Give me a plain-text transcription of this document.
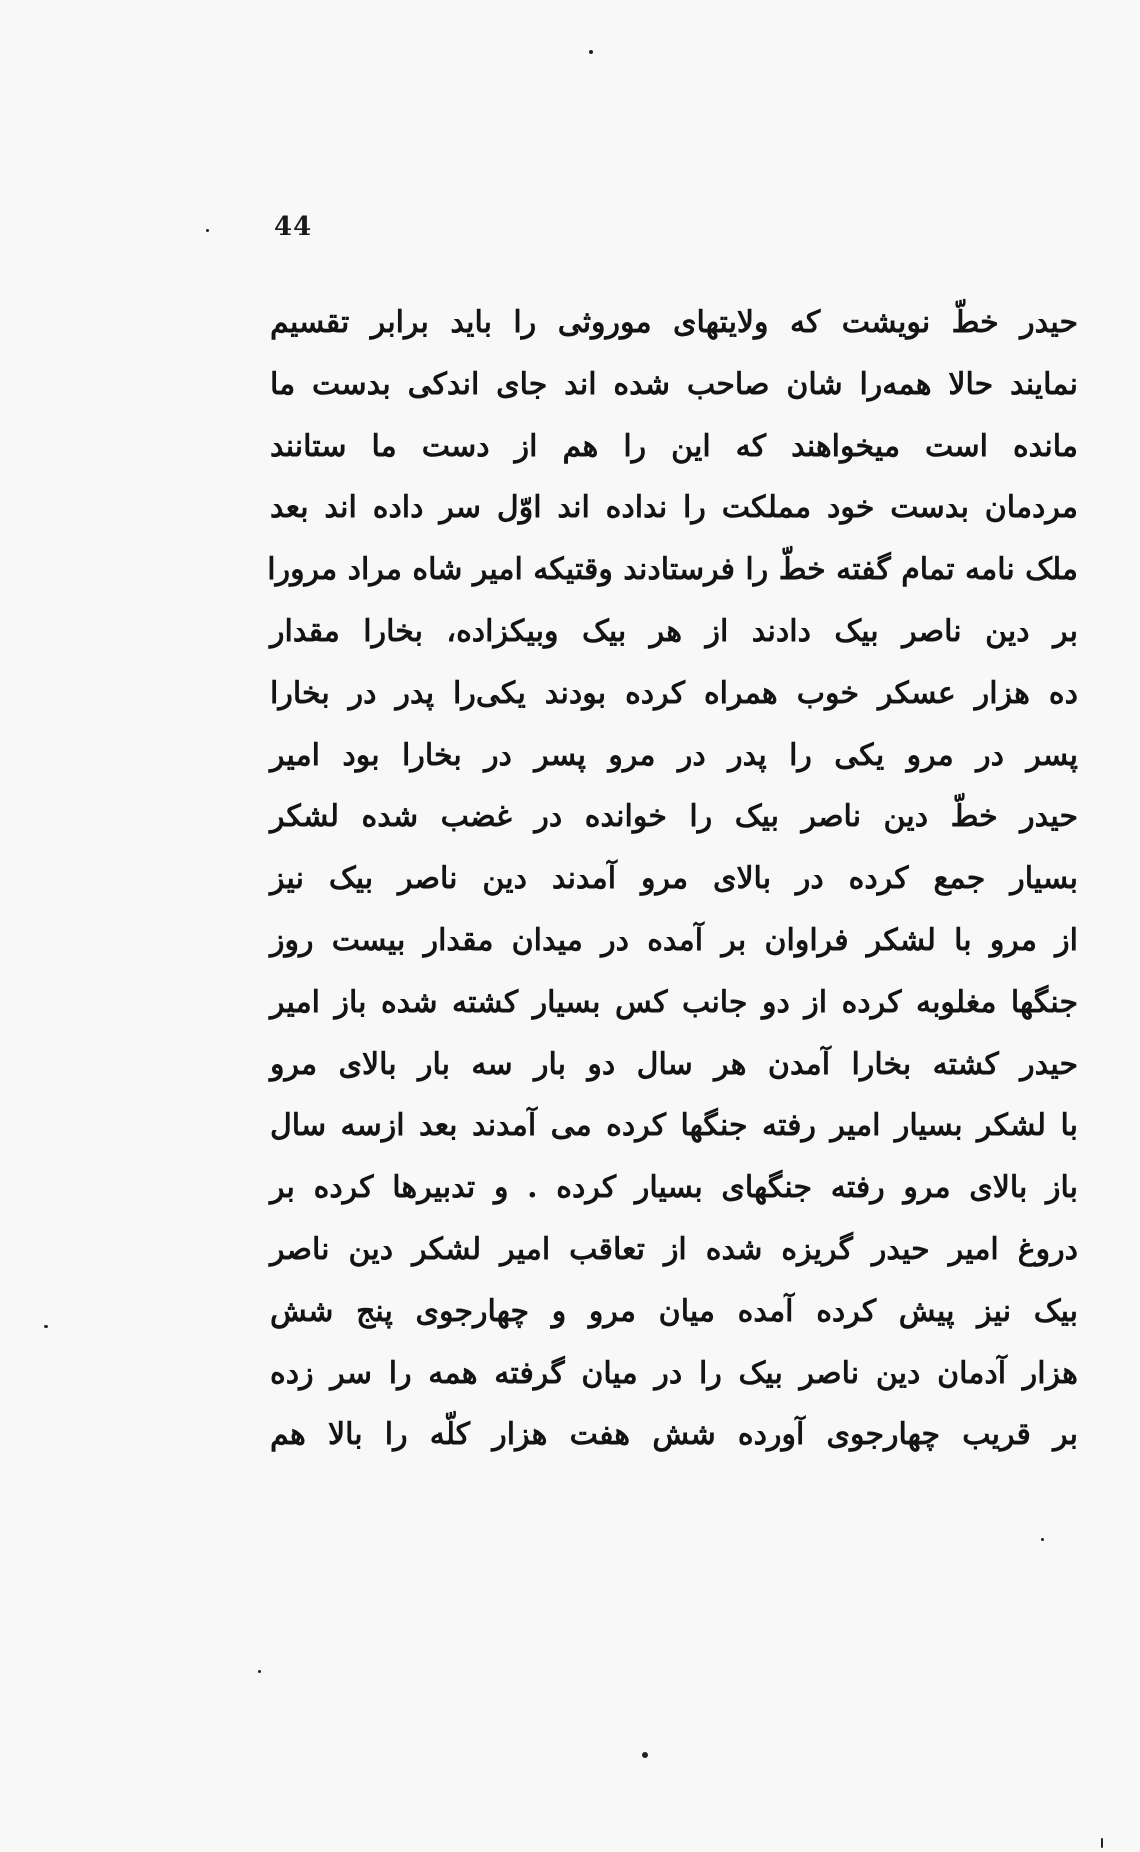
44
حیدر خطّ نویشت که ولایتهای موروثی را باید برابر تقسیم
نمایند حالا همه‌را شان صاحب شده اند جای اندکی بدست ما
مانده است میخواهند که این را هم از دست ما ستانند
مردمان بدست خود مملکت را نداده اند اوّل سر داده اند بعد
ملک نامه تمام گفته خطّ را فرستادند وقتیکه امیر شاه مراد مرورا
بر دین ناصر بیک دادند از هر بیک وبیکزاده، بخارا مقدار
ده هزار عسکر خوب همراه کرده بودند یکی‌را پدر در بخارا
پسر در مرو یکی را پدر در مرو پسر در بخارا بود امیر
حیدر خطّ دین ناصر بیک را خوانده در غضب شده لشکر
بسیار جمع کرده در بالای مرو آمدند دین ناصر بیک نیز
از مرو با لشکر فراوان بر آمده در میدان مقدار بیست روز
جنگها مغلوبه کرده از دو جانب کس بسیار کشته شده باز امیر
حیدر کشته بخارا آمدن هر سال دو بار سه بار بالای مرو
با لشکر بسیار امیر رفته جنگها کرده می آمدند بعد ازسه سال
باز بالای مرو رفته جنگهای بسیار کرده . و تدبیرها کرده بر
دروغ امیر حیدر گریزه شده از تعاقب امیر لشکر دین ناصر
بیک نیز پیش کرده آمده میان مرو و چهارجوی پنج شش
هزار آدمان دین ناصر بیک را در میان گرفته همه را سر زده
بر قریب چهارجوی آورده شش هفت هزار کلّه را بالا هم
